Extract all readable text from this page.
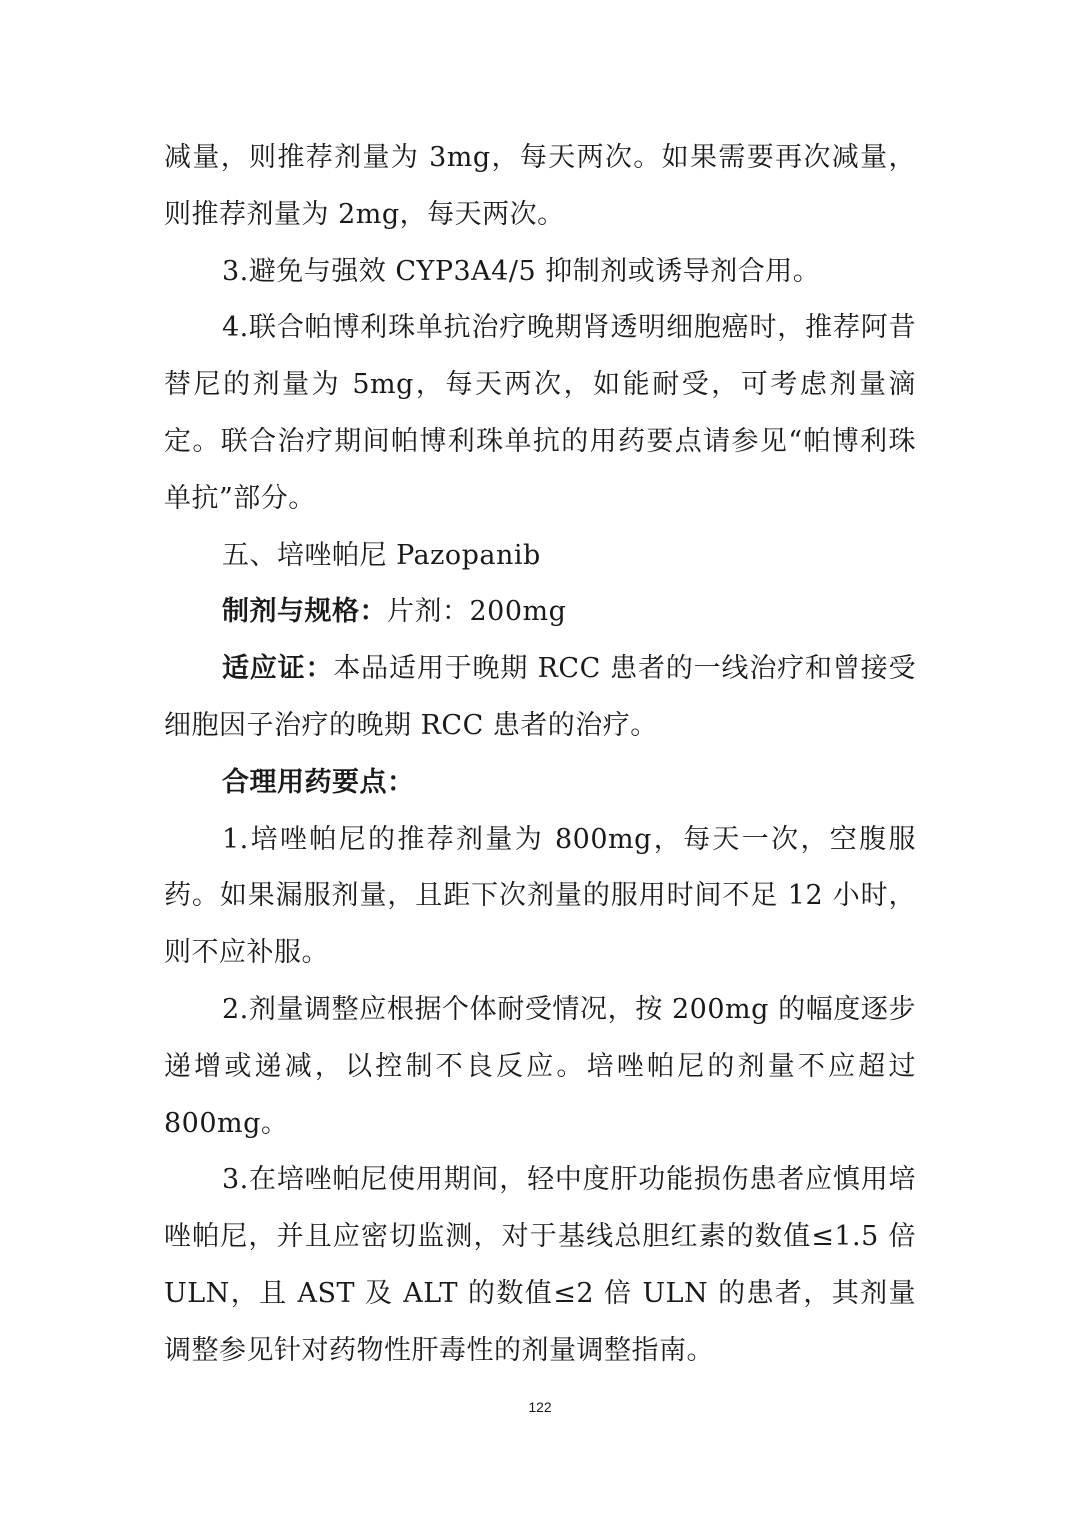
减量，则推荐剂量为 3mg，每天两次。如果需要再次减量，则推荐剂量为 2mg，每天两次。

3.避免与强效 CYP3A4/5 抑制剂或诱导剂合用。

4.联合帕博利珠单抗治疗晚期肾透明细胞癌时，推荐阿昔替尼的剂量为 5mg，每天两次，如能耐受，可考虑剂量滴定。联合治疗期间帕博利珠单抗的用药要点请参见“帕博利珠单抗”部分。

五、培唑帕尼 Pazopanib

制剂与规格：片剂：200mg

适应证：本品适用于晚期 RCC 患者的一线治疗和曾接受细胞因子治疗的晚期 RCC 患者的治疗。

合理用药要点：

1.培唑帕尼的推荐剂量为 800mg，每天一次，空腹服药。如果漏服剂量，且距下次剂量的服用时间不足 12 小时，则不应补服。

2.剂量调整应根据个体耐受情况，按 200mg 的幅度逐步递增或递减，以控制不良反应。培唑帕尼的剂量不应超过 800mg。

3.在培唑帕尼使用期间，轻中度肝功能损伤患者应慎用培唑帕尼，并且应密切监测，对于基线总胆红素的数值≤1.5 倍 ULN，且 AST 及 ALT 的数值≤2 倍 ULN 的患者，其剂量调整参见针对药物性肝毒性的剂量调整指南。

122
